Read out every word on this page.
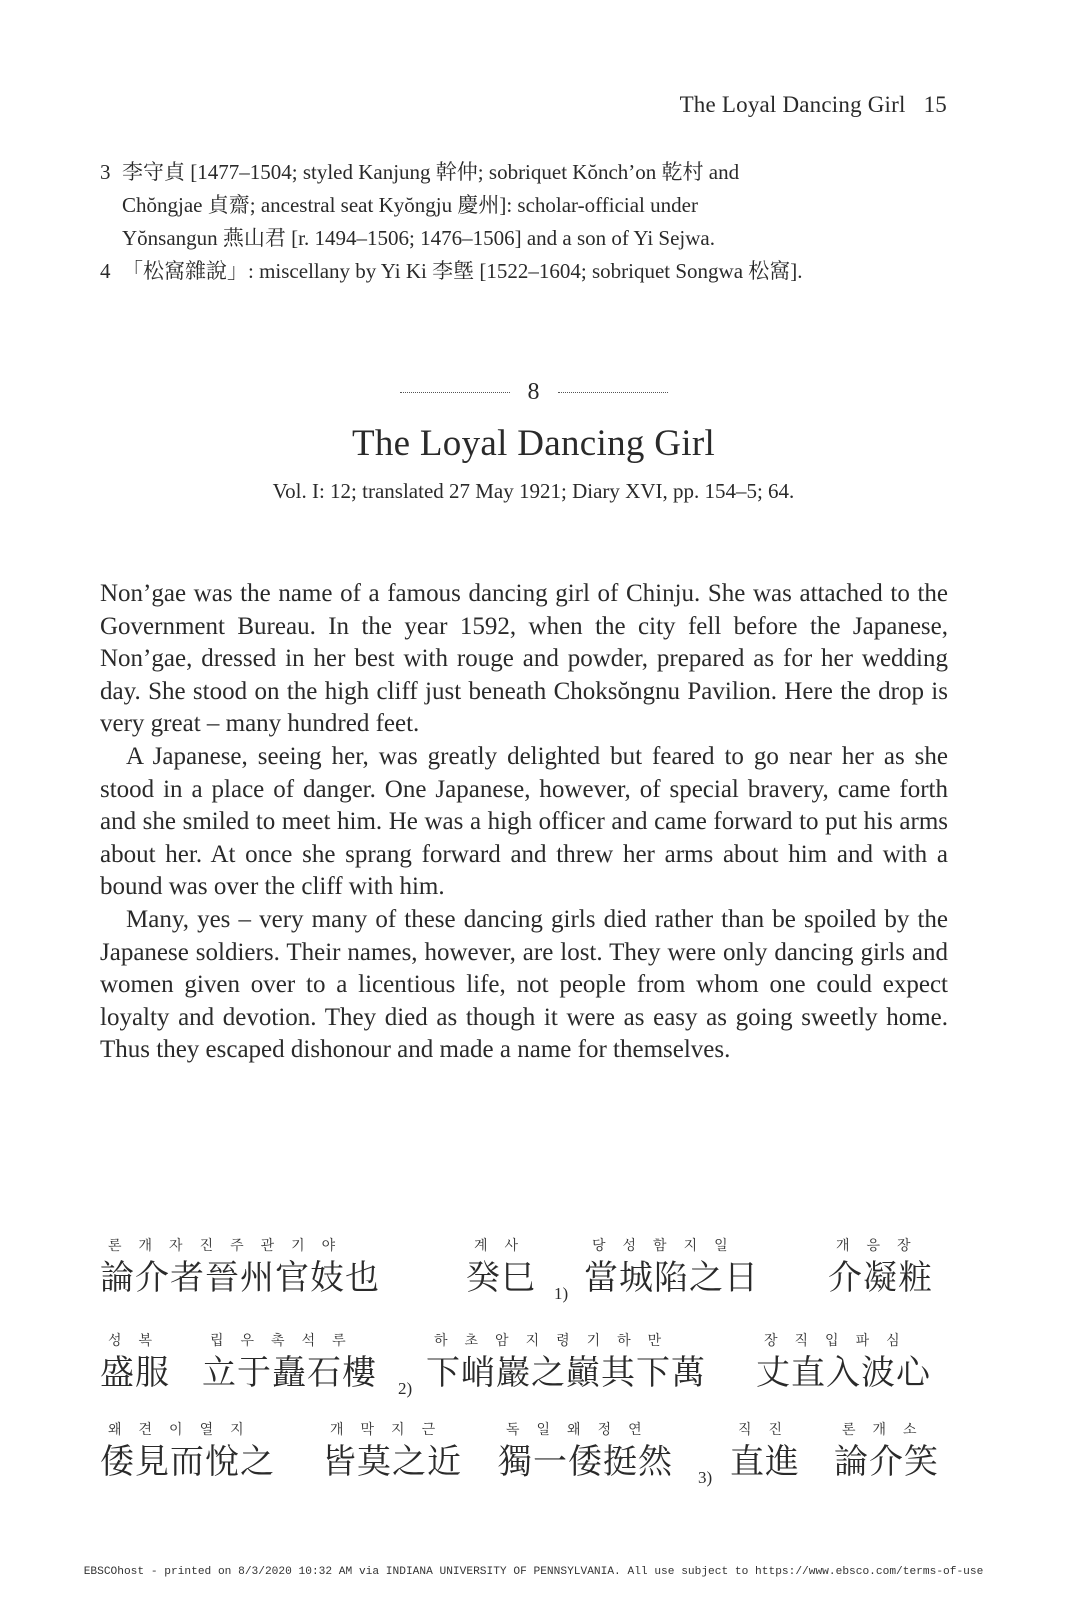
The Loyal Dancing Girl 15
3 李守貞 [1477–1504; styled Kanjung 幹仲; sobriquet Kŏnch’on 乾村 and
Chŏngjae 貞齋; ancestral seat Kyŏngju 慶州]: scholar-official under
Yŏnsangun 燕山君 [r. 1494–1506; 1476–1506] and a son of Yi Sejwa.
4 「松窩雜說」: miscellany by Yi Ki 李墍 [1522–1604; sobriquet Songwa 松窩].
8
The Loyal Dancing Girl
Vol. I: 12; translated 27 May 1921; Diary XVI, pp. 154–5; 64.

Non’gae was the name of a famous dancing girl of Chinju. She was attached to the Government Bureau. In the year 1592, when the city fell before the Japanese, Non’gae, dressed in her best with rouge and powder, prepared as for her wedding day. She stood on the high cliff just beneath Choksŏngnu Pavilion. Here the drop is very great – many hundred feet.

A Japanese, seeing her, was greatly delighted but feared to go near her as she stood in a place of danger. One Japanese, however, of special bravery, came forth and she smiled to meet him. He was a high officer and came forward to put his arms about her. At once she sprang forward and threw her arms about him and with a bound was over the cliff with him.

Many, yes – very many of these dancing girls died rather than be spoiled by the Japanese soldiers. Their names, however, are lost. They were only dancing girls and women given over to a licentious life, not people from whom one could expect loyalty and devotion. They died as though it were as easy as going sweetly home. Thus they escaped dishonour and made a name for themselves.

론개자진주관기야
論介者晉州官妓也
계사
癸巳 1)
당성함지일
當城陷之日
개응장
介凝粧
성복
盛服
립우촉석루
立于矗石樓 2)
하초암지령기하만
下峭巖之巓其下萬
장직입파심
丈直入波心
왜견이열지
倭見而悅之
개막지근
皆莫之近
독일왜정연
獨一倭挺然 3)
직진
直進
론개소
論介笑
EBSCOhost - printed on 8/3/2020 10:32 AM via INDIANA UNIVERSITY OF PENNSYLVANIA. All use subject to https://www.ebsco.com/terms-of-use
